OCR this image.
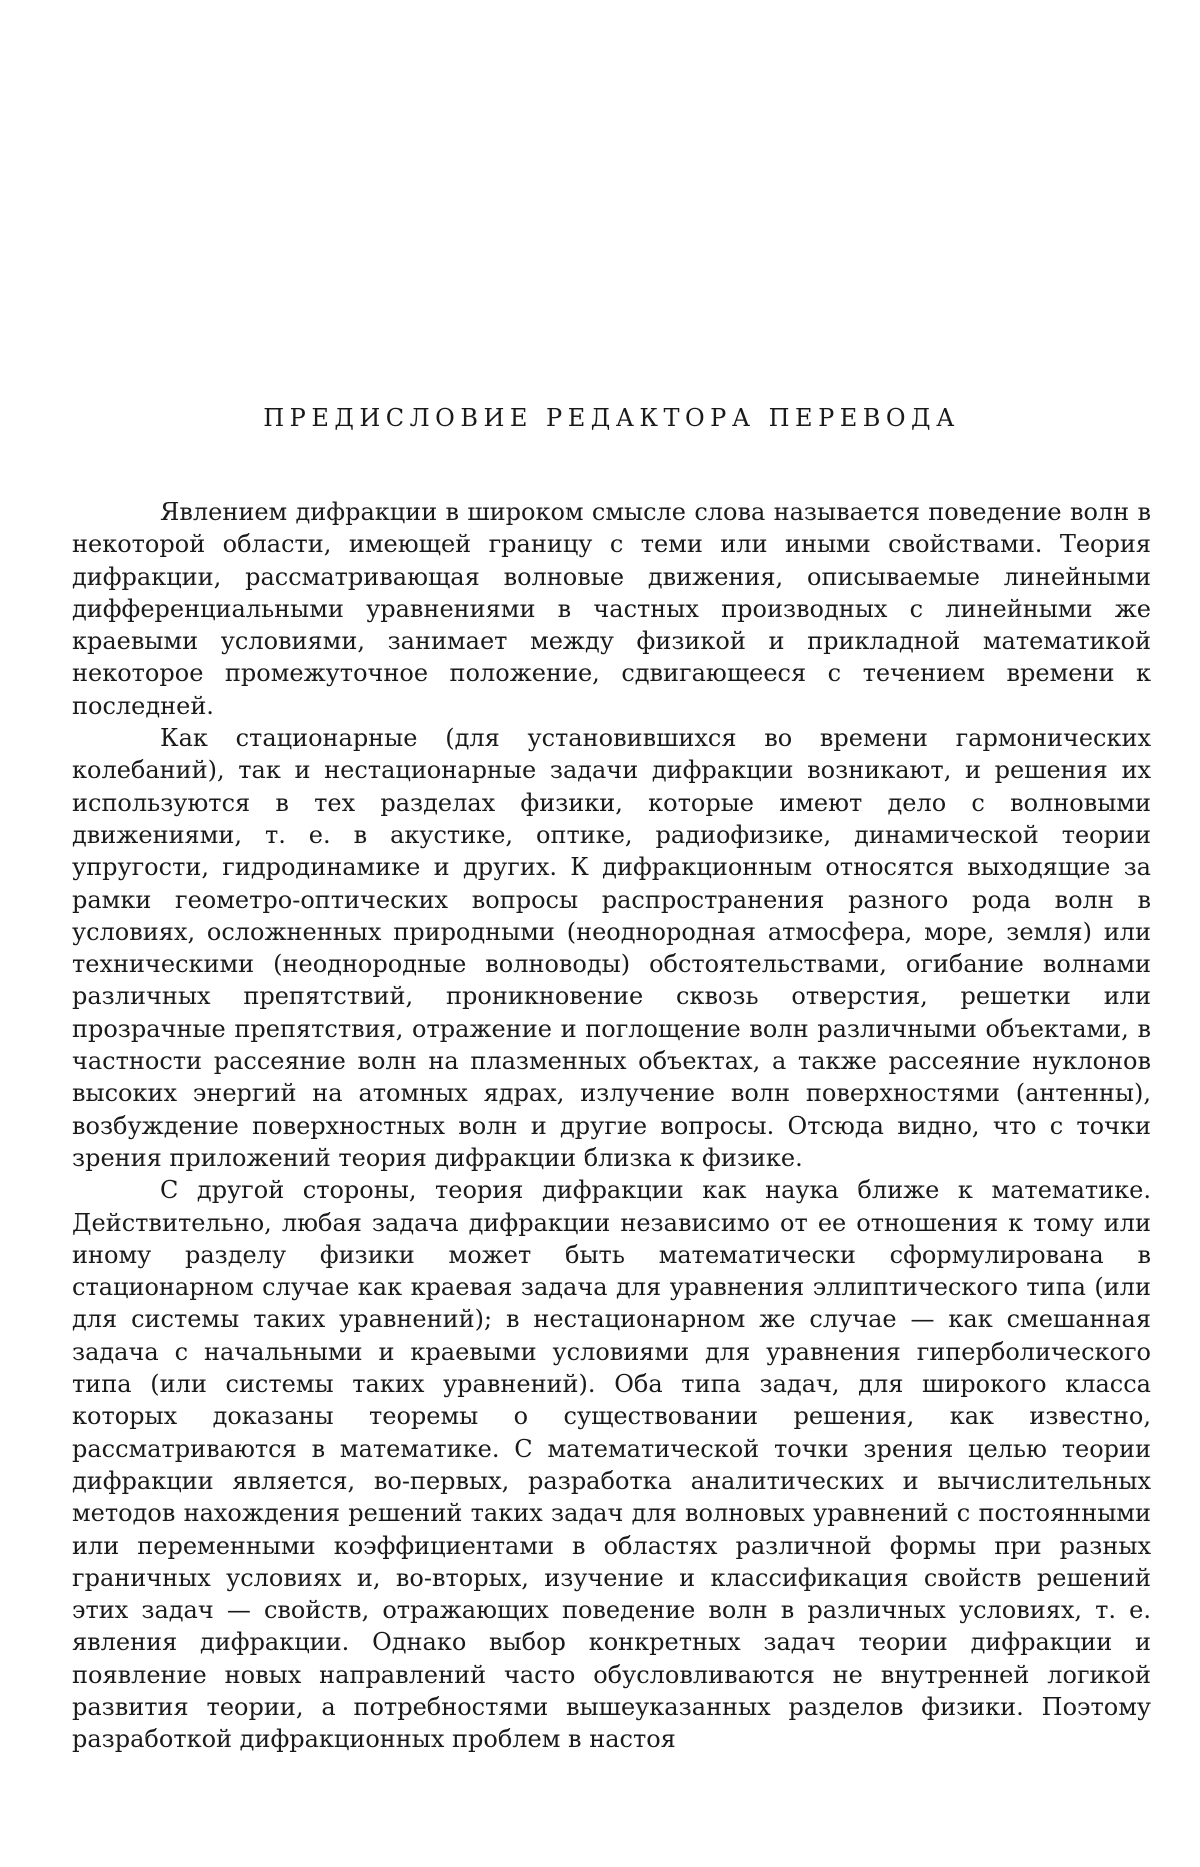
ПРЕДИСЛОВИЕ РЕДАКТОРА ПЕРЕВОДА

Явлением дифракции в широком смысле слова называется поведение волн в некоторой области, имеющей границу с теми или иными свойствами. Теория дифракции, рассматривающая волновые движения, описываемые линейными дифференциальными уравнениями в частных производных с линейными же краевыми условиями, занимает между физикой и прикладной математикой некоторое промежуточное положение, сдвигающееся с течением времени к последней.

Как стационарные (для установившихся во времени гармонических колебаний), так и нестационарные задачи дифракции возникают, и решения их используются в тех разделах физики, которые имеют дело с волновыми движениями, т. е. в акустике, оптике, радиофизике, динамической теории упругости, гидродинамике и других. К дифракционным относятся выходящие за рамки геометро-оптических вопросы распространения разного рода волн в условиях, осложненных природными (неоднородная атмосфера, море, земля) или техническими (неоднородные волноводы) обстоятельствами, огибание волнами различных препятствий, проникновение сквозь отверстия, решетки или прозрачные препятствия, отражение и поглощение волн различными объектами, в частности рассеяние волн на плазменных объектах, а также рассеяние нуклонов высоких энергий на атомных ядрах, излучение волн поверхностями (антенны), возбуждение поверхностных волн и другие вопросы. Отсюда видно, что с точки зрения приложений теория дифракции близка к физике.

С другой стороны, теория дифракции как наука ближе к математике. Действительно, любая задача дифракции независимо от ее отношения к тому или иному разделу физики может быть математически сформулирована в стационарном случае как краевая задача для уравнения эллиптического типа (или для системы таких уравнений); в нестационарном же случае — как смешанная задача с начальными и краевыми условиями для уравнения гиперболического типа (или системы таких уравнений). Оба типа задач, для широкого класса которых доказаны теоремы о существовании решения, как известно, рассматриваются в математике. С математической точки зрения целью теории дифракции является, во-первых, разработка аналитических и вычислительных методов нахождения решений таких задач для волновых уравнений с постоянными или переменными коэффициентами в областях различной формы при разных граничных условиях и, во-вторых, изучение и классификация свойств решений этих задач — свойств, отражающих поведение волн в различных условиях, т. е. явления дифракции. Однако выбор конкретных задач теории дифракции и появление новых направлений часто обусловливаются не внутренней логикой развития теории, а потребностями вышеуказанных разделов физики. Поэтому разработкой дифракционных проблем в настоя
